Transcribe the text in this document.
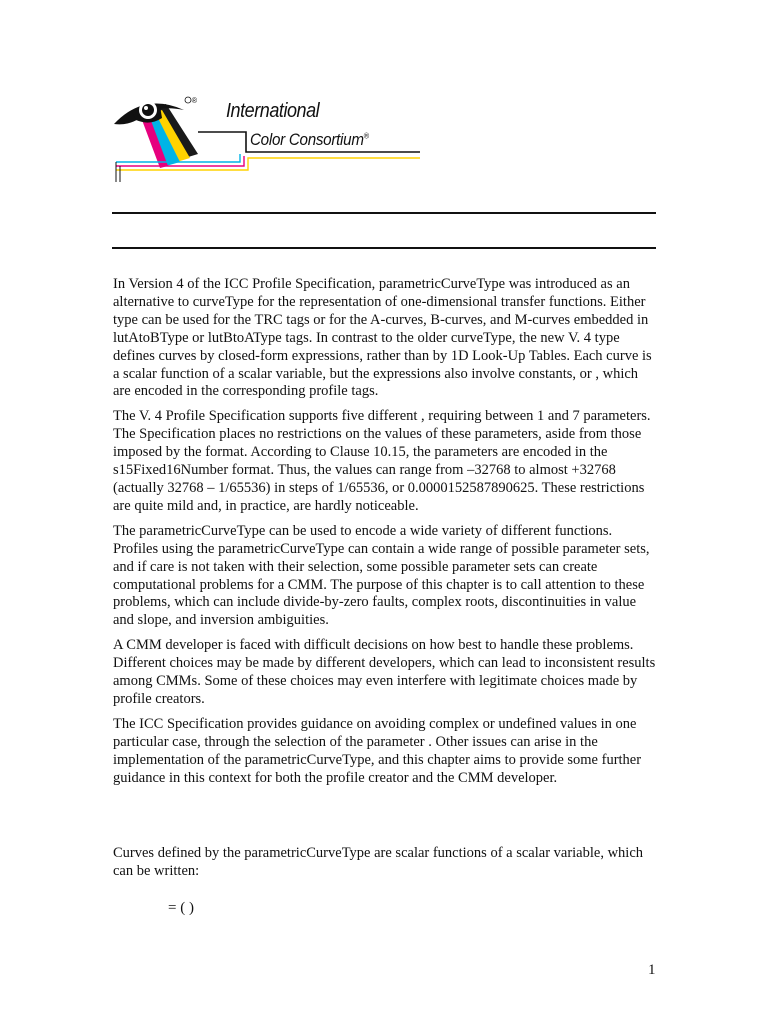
International
®
Color Consortium®

In Version 4 of the ICC Profile Specification, parametricCurveType was introduced as an alternative to curveType for the representation of one-dimensional transfer functions. Either type can be used for the TRC tags or for the A-curves, B-curves, and M-curves embedded in lutAtoBType or lutBtoAType tags. In contrast to the older curveType, the new V. 4 type defines curves by closed-form expressions, rather than by 1D Look-Up Tables. Each curve is a scalar function of a scalar variable, but the expressions also involve constants, or , which are encoded in the corresponding profile tags.

The V. 4 Profile Specification supports five different , requiring between 1 and 7 parameters. The Specification places no restrictions on the values of these parameters, aside from those imposed by the format. According to Clause 10.15, the parameters are encoded in the s15Fixed16Number format. Thus, the values can range from –32768 to almost +32768 (actually 32768 – 1/65536) in steps of 1/65536, or 0.0000152587890625. These restrictions are quite mild and, in practice, are hardly noticeable.

The parametricCurveType can be used to encode a wide variety of different functions. Profiles using the parametricCurveType can contain a wide range of possible parameter sets, and if care is not taken with their selection, some possible parameter sets can create computational problems for a CMM. The purpose of this chapter is to call attention to these problems, which can include divide-by-zero faults, complex roots, discontinuities in value and slope, and inversion ambiguities.

A CMM developer is faced with difficult decisions on how best to handle these problems. Different choices may be made by different developers, which can lead to inconsistent results among CMMs. Some of these choices may even interfere with legitimate choices made by profile creators.

The ICC Specification provides guidance on avoiding complex or undefined values in one particular case, through the selection of the parameter . Other issues can arise in the implementation of the parametricCurveType, and this chapter aims to provide some further guidance in this context for both the profile creator and the CMM developer.

Curves defined by the parametricCurveType are scalar functions of a scalar variable, which can be written:
= ( )
1
